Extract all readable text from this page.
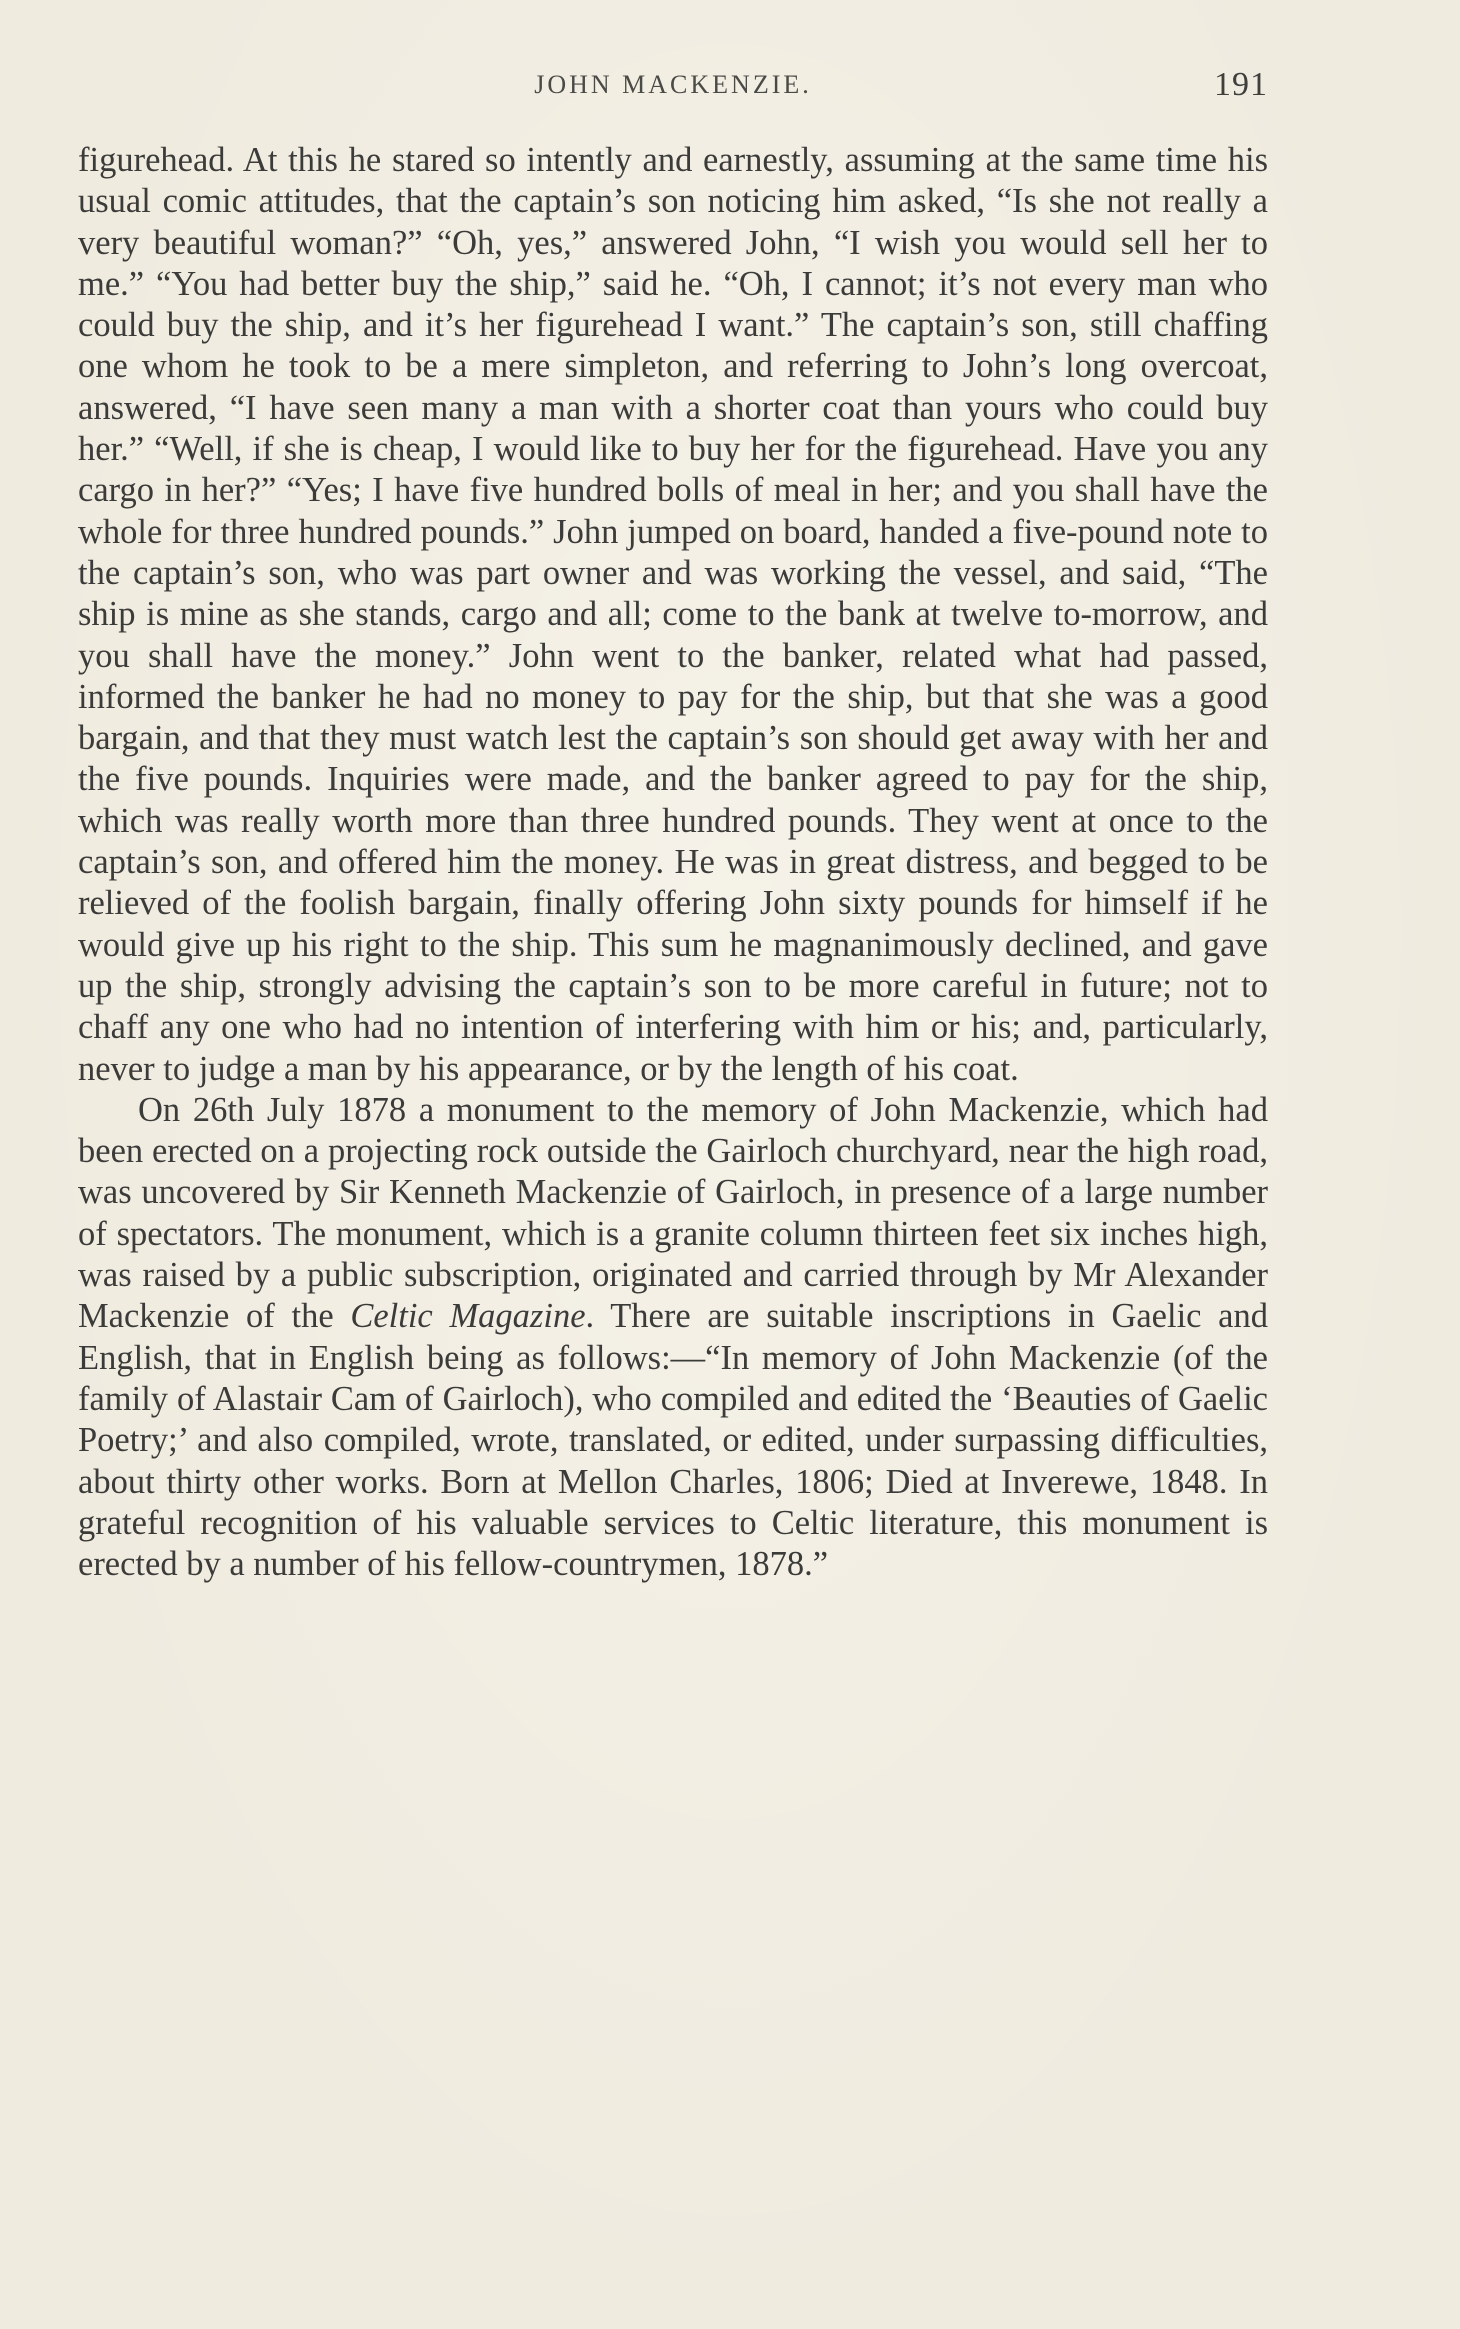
JOHN MACKENZIE.	191

figurehead. At this he stared so intently and earnestly, assuming at the same time his usual comic attitudes, that the captain’s son noticing him asked, “Is she not really a very beautiful woman?” “Oh, yes,” answered John, “I wish you would sell her to me.” “You had better buy the ship,” said he. “Oh, I cannot; it’s not every man who could buy the ship, and it’s her figurehead I want.” The captain’s son, still chaffing one whom he took to be a mere simpleton, and referring to John’s long overcoat, answered, “I have seen many a man with a shorter coat than yours who could buy her.” “Well, if she is cheap, I would like to buy her for the figurehead. Have you any cargo in her?” “Yes; I have five hundred bolls of meal in her; and you shall have the whole for three hundred pounds.” John jumped on board, handed a five-pound note to the captain’s son, who was part owner and was working the vessel, and said, “The ship is mine as she stands, cargo and all; come to the bank at twelve to-morrow, and you shall have the money.” John went to the banker, related what had passed, informed the banker he had no money to pay for the ship, but that she was a good bargain, and that they must watch lest the captain’s son should get away with her and the five pounds. Inquiries were made, and the banker agreed to pay for the ship, which was really worth more than three hundred pounds. They went at once to the captain’s son, and offered him the money. He was in great distress, and begged to be relieved of the foolish bargain, finally offering John sixty pounds for himself if he would give up his right to the ship. This sum he magnanimously declined, and gave up the ship, strongly advising the captain’s son to be more careful in future; not to chaff any one who had no intention of interfering with him or his; and, particularly, never to judge a man by his appearance, or by the length of his coat.

On 26th July 1878 a monument to the memory of John Mackenzie, which had been erected on a projecting rock outside the Gairloch churchyard, near the high road, was uncovered by Sir Kenneth Mackenzie of Gairloch, in presence of a large number of spectators. The monument, which is a granite column thirteen feet six inches high, was raised by a public subscription, originated and carried through by Mr Alexander Mackenzie of the Celtic Magazine. There are suitable inscriptions in Gaelic and English, that in English being as follows:—“In memory of John Mackenzie (of the family of Alastair Cam of Gairloch), who compiled and edited the ‘Beauties of Gaelic Poetry;’ and also compiled, wrote, translated, or edited, under surpassing difficulties, about thirty other works. Born at Mellon Charles, 1806; Died at Inverewe, 1848. In grateful recognition of his valuable services to Celtic literature, this monument is erected by a number of his fellow-countrymen, 1878.”
